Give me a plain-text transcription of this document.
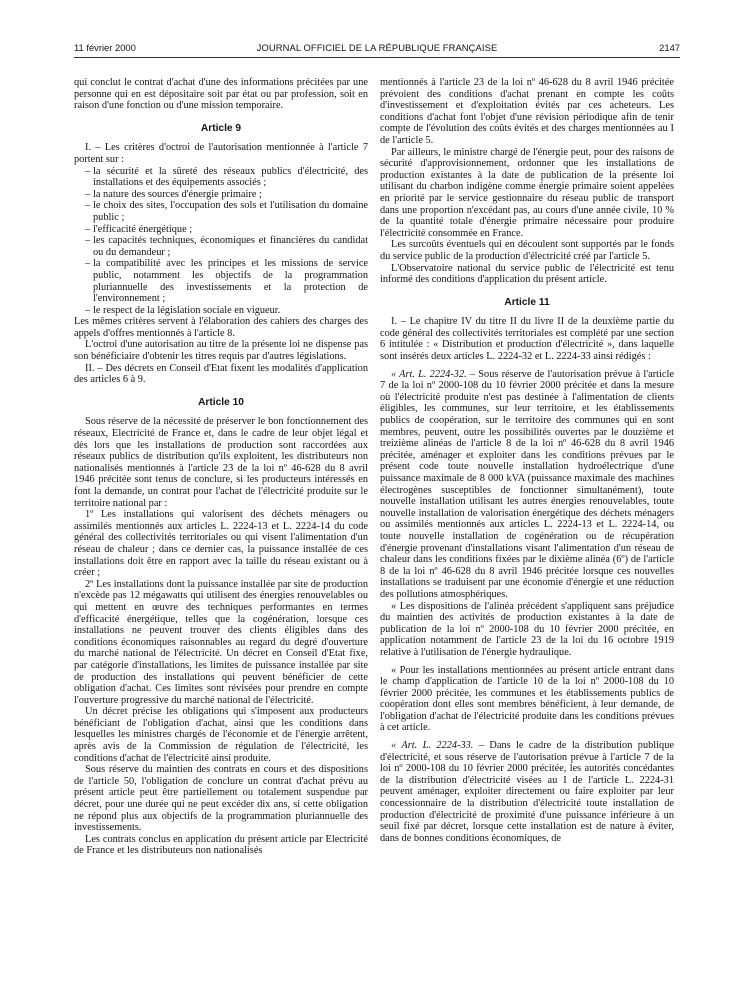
11 février 2000	JOURNAL OFFICIEL DE LA RÉPUBLIQUE FRANÇAISE	2147

qui conclut le contrat d'achat d'une des informations précitées par une personne qui en est dépositaire soit par état ou par profession, soit en raison d'une fonction ou d'une mission temporaire.

Article 9

I. – Les critères d'octroi de l'autorisation mentionnée à l'article 7 portent sur :

– la sécurité et la sûreté des réseaux publics d'électricité, des installations et des équipements associés ;
– la nature des sources d'énergie primaire ;
– le choix des sites, l'occupation des sols et l'utilisation du domaine public ;
– l'efficacité énergétique ;
– les capacités techniques, économiques et financières du candidat ou du demandeur ;
– la compatibilité avec les principes et les missions de service public, notamment les objectifs de la programmation pluriannuelle des investissements et la protection de l'environnement ;
– le respect de la législation sociale en vigueur.

Les mêmes critères servent à l'élaboration des cahiers des charges des appels d'offres mentionnés à l'article 8.

L'octroi d'une autorisation au titre de la présente loi ne dispense pas son bénéficiaire d'obtenir les titres requis par d'autres législations.

II. – Des décrets en Conseil d'Etat fixent les modalités d'application des articles 6 à 9.

Article 10

Sous réserve de la nécessité de préserver le bon fonctionnement des réseaux, Electricité de France et, dans le cadre de leur objet légal et dès lors que les installations de production sont raccordées aux réseaux publics de distribution qu'ils exploitent, les distributeurs non nationalisés mentionnés à l'article 23 de la loi nº 46-628 du 8 avril 1946 précitée sont tenus de conclure, si les producteurs intéressés en font la demande, un contrat pour l'achat de l'électricité produite sur le territoire national par :

1º Les installations qui valorisent des déchets ménagers ou assimilés mentionnés aux articles L. 2224-13 et L. 2224-14 du code général des collectivités territoriales ou qui visent l'alimentation d'un réseau de chaleur ; dans ce dernier cas, la puissance installée de ces installations doit être en rapport avec la taille du réseau existant ou à créer ;

2º Les installations dont la puissance installée par site de production n'excède pas 12 mégawatts qui utilisent des énergies renouvelables ou qui mettent en œuvre des techniques performantes en termes d'efficacité énergétique, telles que la cogénération, lorsque ces installations ne peuvent trouver des clients éligibles dans des conditions économiques raisonnables au regard du degré d'ouverture du marché national de l'électricité. Un décret en Conseil d'Etat fixe, par catégorie d'installations, les limites de puissance installée par site de production des installations qui peuvent bénéficier de cette obligation d'achat. Ces limites sont révisées pour prendre en compte l'ouverture progressive du marché national de l'électricité.

Un décret précise les obligations qui s'imposent aux producteurs bénéficiant de l'obligation d'achat, ainsi que les conditions dans lesquelles les ministres chargés de l'économie et de l'énergie arrêtent, après avis de la Commission de régulation de l'électricité, les conditions d'achat de l'électricité ainsi produite.

Sous réserve du maintien des contrats en cours et des dispositions de l'article 50, l'obligation de conclure un contrat d'achat prévu au présent article peut être partiellement ou totalement suspendue par décret, pour une durée qui ne peut excéder dix ans, si cette obligation ne répond plus aux objectifs de la programmation pluriannuelle des investissements.

Les contrats conclus en application du présent article par Electricité de France et les distributeurs non nationalisés

mentionnés à l'article 23 de la loi nº 46-628 du 8 avril 1946 précitée prévoient des conditions d'achat prenant en compte les coûts d'investissement et d'exploitation évités par ces acheteurs. Les conditions d'achat font l'objet d'une révision périodique afin de tenir compte de l'évolution des coûts évités et des charges mentionnées au I de l'article 5.

Par ailleurs, le ministre chargé de l'énergie peut, pour des raisons de sécurité d'approvisionnement, ordonner que les installations de production existantes à la date de publication de la présente loi utilisant du charbon indigène comme énergie primaire soient appelées en priorité par le service gestionnaire du réseau public de transport dans une proportion n'excédant pas, au cours d'une année civile, 10 % de la quantité totale d'énergie primaire nécessaire pour produire l'électricité consommée en France.

Les surcoûts éventuels qui en découlent sont supportés par le fonds du service public de la production d'électricité créé par l'article 5.

L'Observatoire national du service public de l'électricité est tenu informé des conditions d'application du présent article.

Article 11

I. – Le chapitre IV du titre II du livre II de la deuxième partie du code général des collectivités territoriales est complété par une section 6 intitulée : « Distribution et production d'électricité », dans laquelle sont insérés deux articles L. 2224-32 et L. 2224-33 ainsi rédigés :

« Art. L. 2224-32. – Sous réserve de l'autorisation prévue à l'article 7 de la loi nº 2000-108 du 10 février 2000 précitée et dans la mesure où l'électricité produite n'est pas destinée à l'alimentation de clients éligibles, les communes, sur leur territoire, et les établissements publics de coopération, sur le territoire des communes qui en sont membres, peuvent, outre les possibilités ouvertes par le douzième et treizième alinéas de l'article 8 de la loi nº 46-628 du 8 avril 1946 précitée, aménager et exploiter dans les conditions prévues par le présent code toute nouvelle installation hydroélectrique d'une puissance maximale de 8 000 kVA (puissance maximale des machines électrogènes susceptibles de fonctionner simultanément), toute nouvelle installation utilisant les autres énergies renouvelables, toute nouvelle installation de valorisation énergétique des déchets ménagers ou assimilés mentionnés aux articles L. 2224-13 et L. 2224-14, ou toute nouvelle installation de cogénération ou de récupération d'énergie provenant d'installations visant l'alimentation d'un réseau de chaleur dans les conditions fixées par le dixième alinéa (6º) de l'article 8 de la loi nº 46-628 du 8 avril 1946 précitée lorsque ces nouvelles installations se traduisent par une économie d'énergie et une réduction des pollutions atmosphériques.

« Les dispositions de l'alinéa précédent s'appliquent sans préjudice du maintien des activités de production existantes à la date de publication de la loi nº 2000-108 du 10 février 2000 précitée, en application notamment de l'article 23 de la loi du 16 octobre 1919 relative à l'utilisation de l'énergie hydraulique.

« Pour les installations mentionnées au présent article entrant dans le champ d'application de l'article 10 de la loi nº 2000-108 du 10 février 2000 précitée, les communes et les établissements publics de coopération dont elles sont membres bénéficient, à leur demande, de l'obligation d'achat de l'électricité produite dans les conditions prévues à cet article.

« Art. L. 2224-33. – Dans le cadre de la distribution publique d'électricité, et sous réserve de l'autorisation prévue à l'article 7 de la loi nº 2000-108 du 10 février 2000 précitée, les autorités concédantes de la distribution d'électricité visées au I de l'article L. 2224-31 peuvent aménager, exploiter directement ou faire exploiter par leur concessionnaire de la distribution d'électricité toute installation de production d'électricité de proximité d'une puissance inférieure à un seuil fixé par décret, lorsque cette installation est de nature à éviter, dans de bonnes conditions économiques, de
